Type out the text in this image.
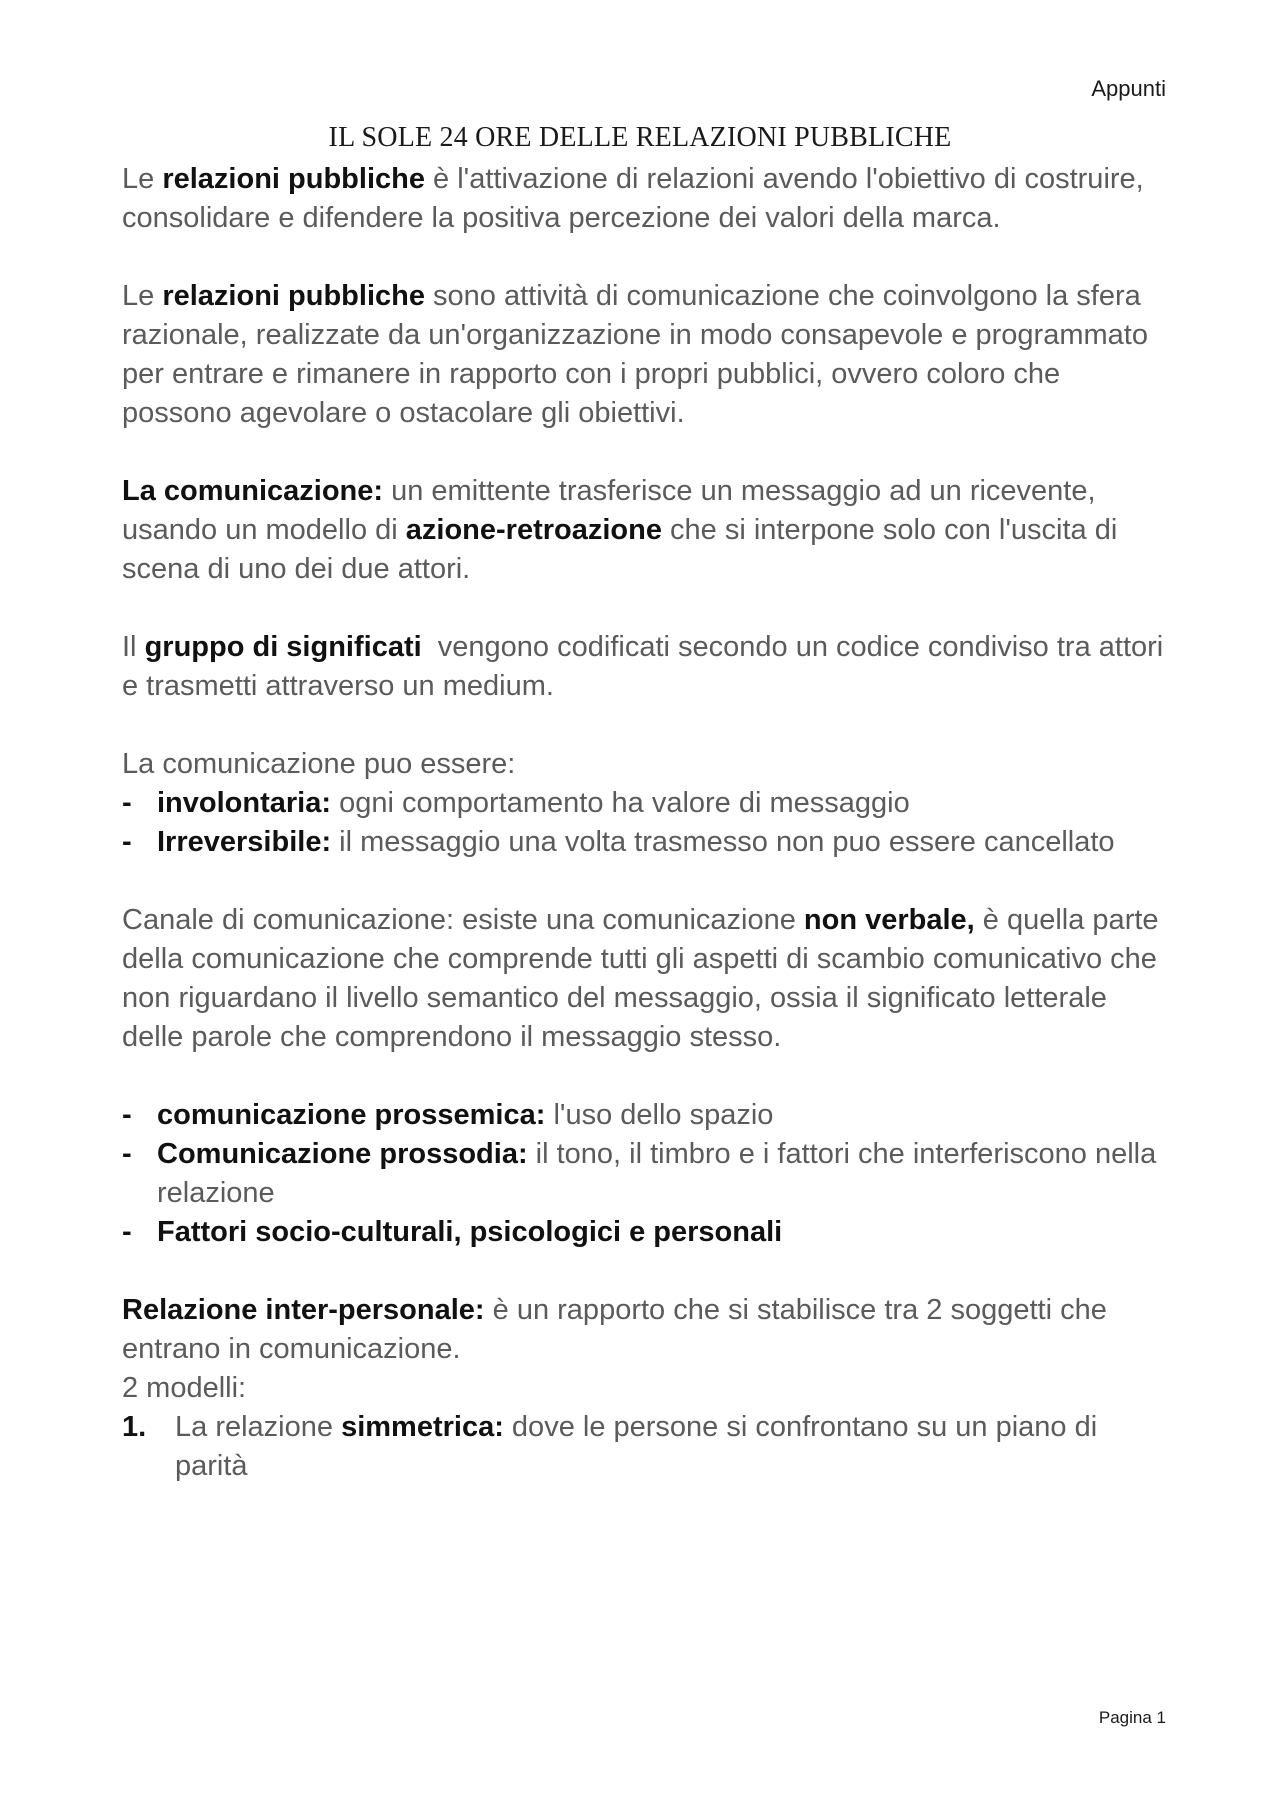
Appunti
IL SOLE 24 ORE DELLE RELAZIONI PUBBLICHE

Le relazioni pubbliche è l'attivazione di relazioni avendo l'obiettivo di costruire, consolidare e difendere la positiva percezione dei valori della marca.

Le relazioni pubbliche sono attività di comunicazione che coinvolgono la sfera razionale, realizzate da un'organizzazione in modo consapevole e programmato per entrare e rimanere in rapporto con i propri pubblici, ovvero coloro che possono agevolare o ostacolare gli obiettivi.

La comunicazione: un emittente trasferisce un messaggio ad un ricevente, usando un modello di azione-retroazione che si interpone solo con l'uscita di scena di uno dei due attori.

Il gruppo di significati  vengono codificati secondo un codice condiviso tra attori e trasmetti attraverso un medium.

La comunicazione puo essere:

- involontaria: ogni comportamento ha valore di messaggio
- Irreversibile: il messaggio una volta trasmesso non puo essere cancellato

Canale di comunicazione: esiste una comunicazione non verbale, è quella parte della comunicazione che comprende tutti gli aspetti di scambio comunicativo che non riguardano il livello semantico del messaggio, ossia il significato letterale delle parole che comprendono il messaggio stesso.

- comunicazione prossemica: l'uso dello spazio
- Comunicazione prossodia: il tono, il timbro e i fattori che interferiscono nella relazione
- Fattori socio-culturali, psicologici e personali

Relazione inter-personale: è un rapporto che si stabilisce tra 2 soggetti che entrano in comunicazione.

2 modelli:

1. La relazione simmetrica: dove le persone si confrontano su un piano di parità
Pagina 1
